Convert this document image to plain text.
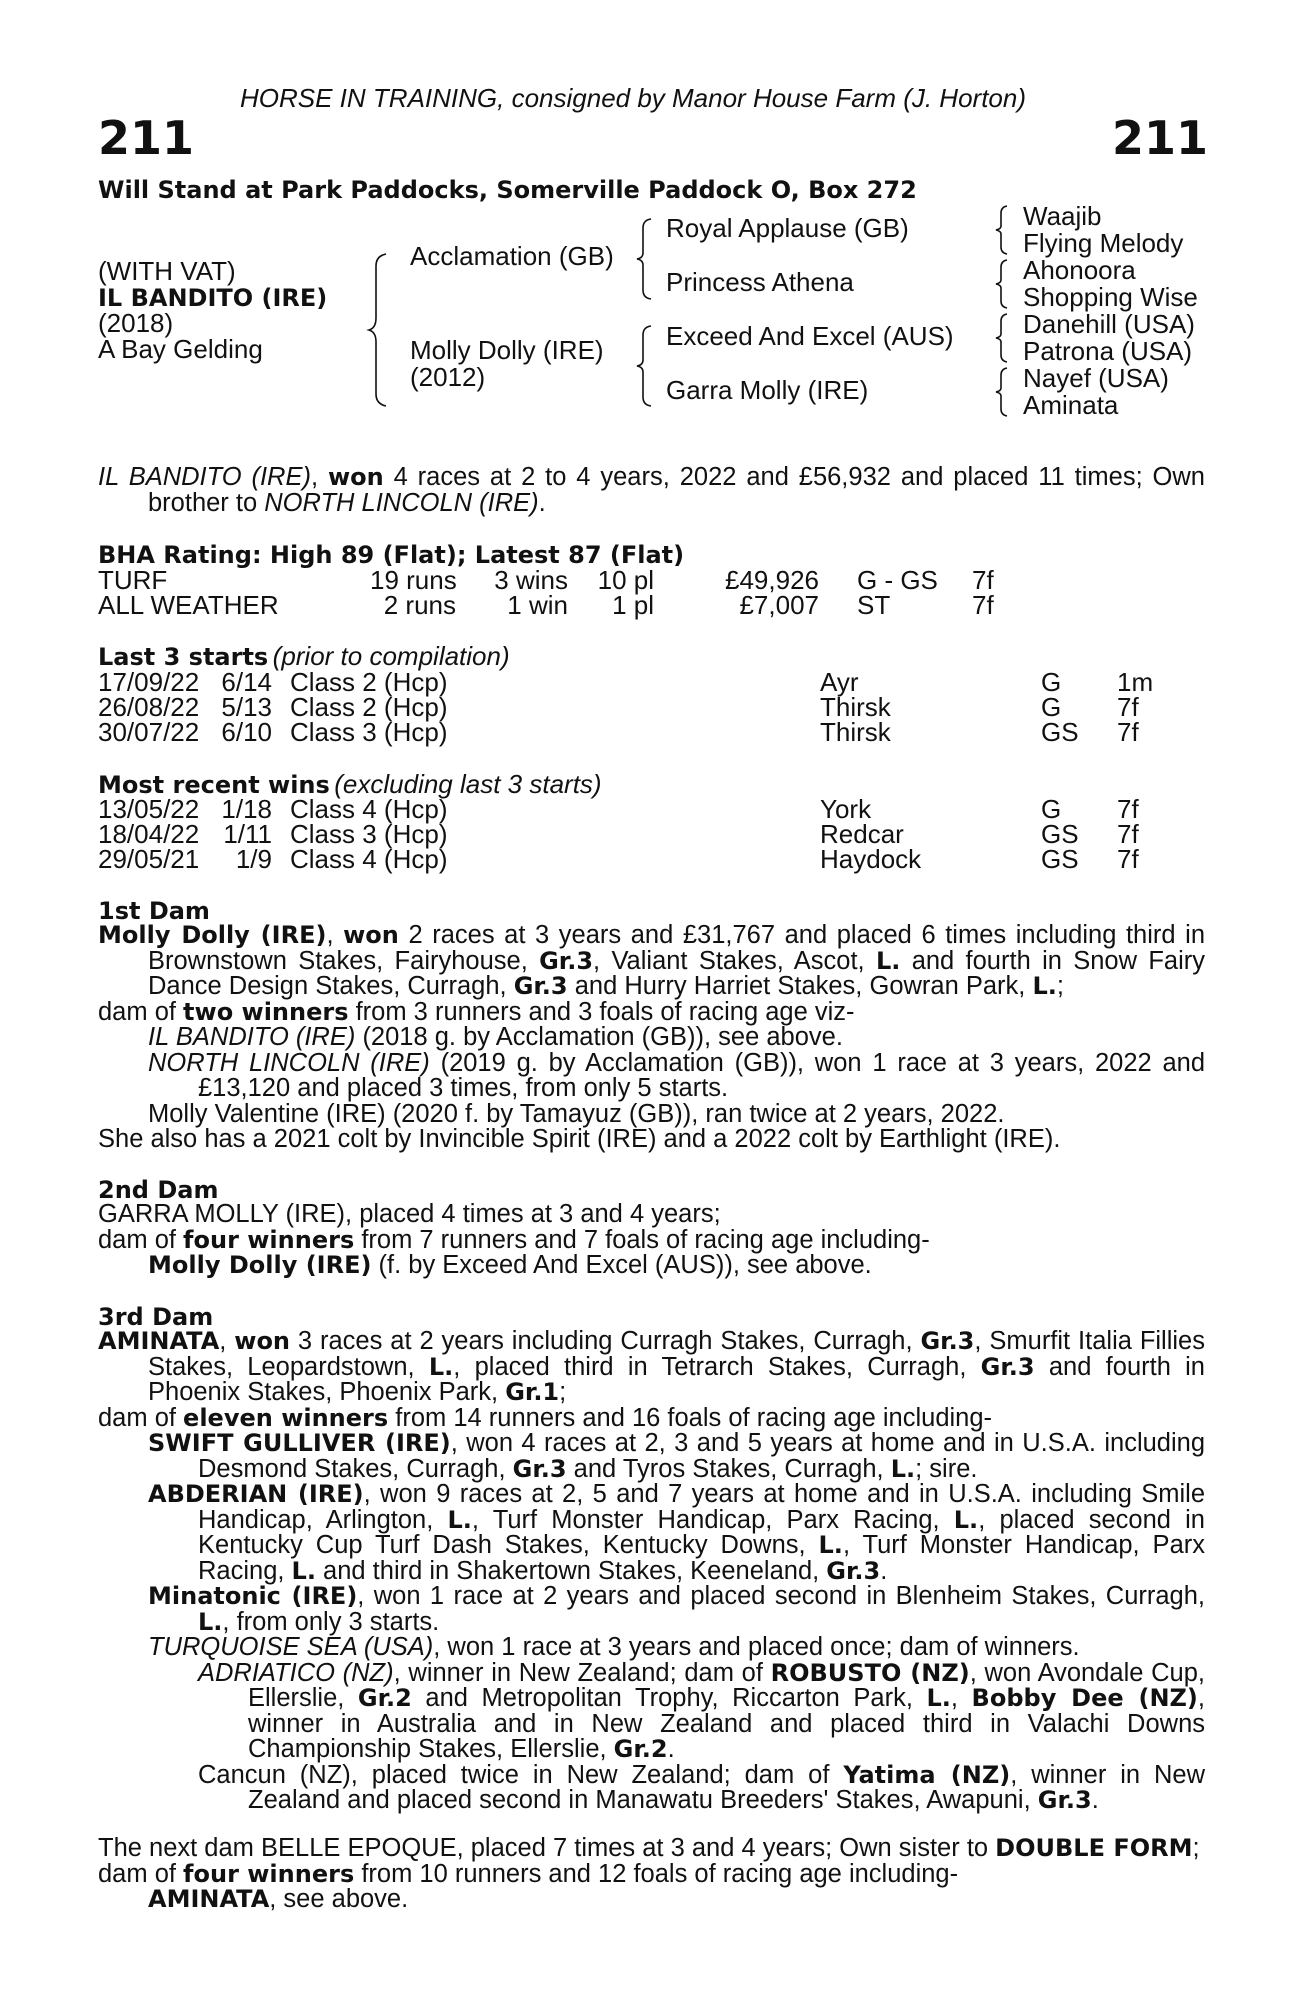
HORSE IN TRAINING, consigned by Manor House Farm (J. Horton)
211	211
Will Stand at Park Paddocks, Somerville Paddock O, Box 272
(WITH VAT)
IL BANDITO (IRE)
(2018)
A Bay Gelding
Acclamation (GB)
Molly Dolly (IRE)
(2012)
Royal Applause (GB)
Princess Athena
Exceed And Excel (AUS)
Garra Molly (IRE)
Waajib
Flying Melody
Ahonoora
Shopping Wise
Danehill (USA)
Patrona (USA)
Nayef (USA)
Aminata

IL BANDITO (IRE), won 4 races at 2 to 4 years, 2022 and £56,932 and placed 11 times; Own brother to NORTH LINCOLN (IRE).

BHA Rating: High 89 (Flat); Latest 87 (Flat)
TURF	19 runs 3 wins 10 pl	£49,926 G - GS 7f
ALL WEATHER	2 runs	1 win	1 pl	£7,007 ST	7f
Last 3 starts (prior to compilation)
17/09/22 6/14 Class 2 (Hcp)	Ayr	G 1m
26/08/22 5/13 Class 2 (Hcp)	Thirsk	G 7f
30/07/22 6/10 Class 3 (Hcp)	Thirsk	GS 7f
Most recent wins (excluding last 3 starts)
13/05/22 1/18 Class 4 (Hcp)	York	G 7f
18/04/22 1/11 Class 3 (Hcp)	Redcar	GS 7f
29/05/21	1/9 Class 4 (Hcp)	Haydock	GS 7f
1st Dam

Molly Dolly (IRE), won 2 races at 3 years and £31,767 and placed 6 times including third in Brownstown Stakes, Fairyhouse, Gr.3, Valiant Stakes, Ascot, L. and fourth in Snow Fairy Dance Design Stakes, Curragh, Gr.3 and Hurry Harriet Stakes, Gowran Park, L.;

dam of two winners from 3 runners and 3 foals of racing age viz-

IL BANDITO (IRE) (2018 g. by Acclamation (GB)), see above.

NORTH LINCOLN (IRE) (2019 g. by Acclamation (GB)), won 1 race at 3 years, 2022 and £13,120 and placed 3 times, from only 5 starts.

Molly Valentine (IRE) (2020 f. by Tamayuz (GB)), ran twice at 2 years, 2022.

She also has a 2021 colt by Invincible Spirit (IRE) and a 2022 colt by Earthlight (IRE).

2nd Dam

GARRA MOLLY (IRE), placed 4 times at 3 and 4 years;

dam of four winners from 7 runners and 7 foals of racing age including-

Molly Dolly (IRE) (f. by Exceed And Excel (AUS)), see above.

3rd Dam

AMINATA, won 3 races at 2 years including Curragh Stakes, Curragh, Gr.3, Smurfit Italia Fillies Stakes, Leopardstown, L., placed third in Tetrarch Stakes, Curragh, Gr.3 and fourth in Phoenix Stakes, Phoenix Park, Gr.1;

dam of eleven winners from 14 runners and 16 foals of racing age including-

SWIFT GULLIVER (IRE), won 4 races at 2, 3 and 5 years at home and in U.S.A. including Desmond Stakes, Curragh, Gr.3 and Tyros Stakes, Curragh, L.; sire.

ABDERIAN (IRE), won 9 races at 2, 5 and 7 years at home and in U.S.A. including Smile Handicap, Arlington, L., Turf Monster Handicap, Parx Racing, L., placed second in Kentucky Cup Turf Dash Stakes, Kentucky Downs, L., Turf Monster Handicap, Parx Racing, L. and third in Shakertown Stakes, Keeneland, Gr.3.

Minatonic (IRE), won 1 race at 2 years and placed second in Blenheim Stakes, Curragh, L., from only 3 starts.

TURQUOISE SEA (USA), won 1 race at 3 years and placed once; dam of winners.

ADRIATICO (NZ), winner in New Zealand; dam of ROBUSTO (NZ), won Avondale Cup, Ellerslie, Gr.2 and Metropolitan Trophy, Riccarton Park, L., Bobby Dee (NZ), winner in Australia and in New Zealand and placed third in Valachi Downs Championship Stakes, Ellerslie, Gr.2.

Cancun (NZ), placed twice in New Zealand; dam of Yatima (NZ), winner in New Zealand and placed second in Manawatu Breeders' Stakes, Awapuni, Gr.3.

The next dam BELLE EPOQUE, placed 7 times at 3 and 4 years; Own sister to DOUBLE FORM;

dam of four winners from 10 runners and 12 foals of racing age including-

AMINATA, see above.
